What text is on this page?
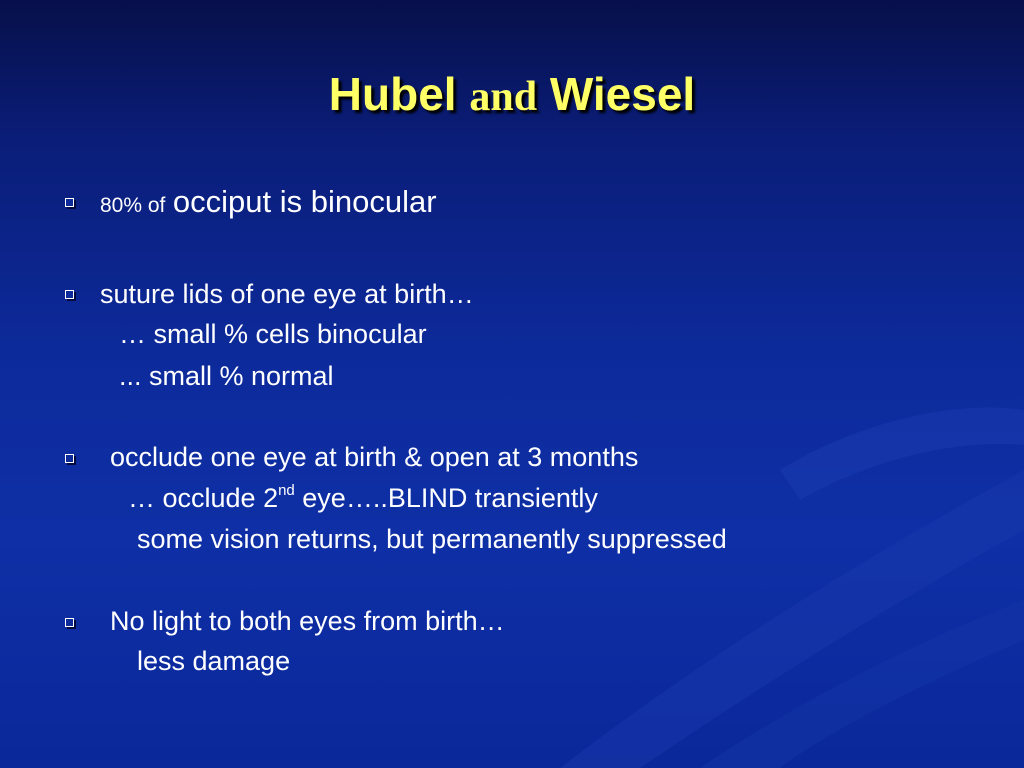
Hubel and Wiesel
80% of occiput is binocular
suture lids of one eye at birth…
… small % cells binocular
... small % normal
occlude one eye at birth & open at 3 months
… occlude 2nd eye…..BLIND transiently
some vision returns, but permanently suppressed
No light to both eyes from birth…
less damage
